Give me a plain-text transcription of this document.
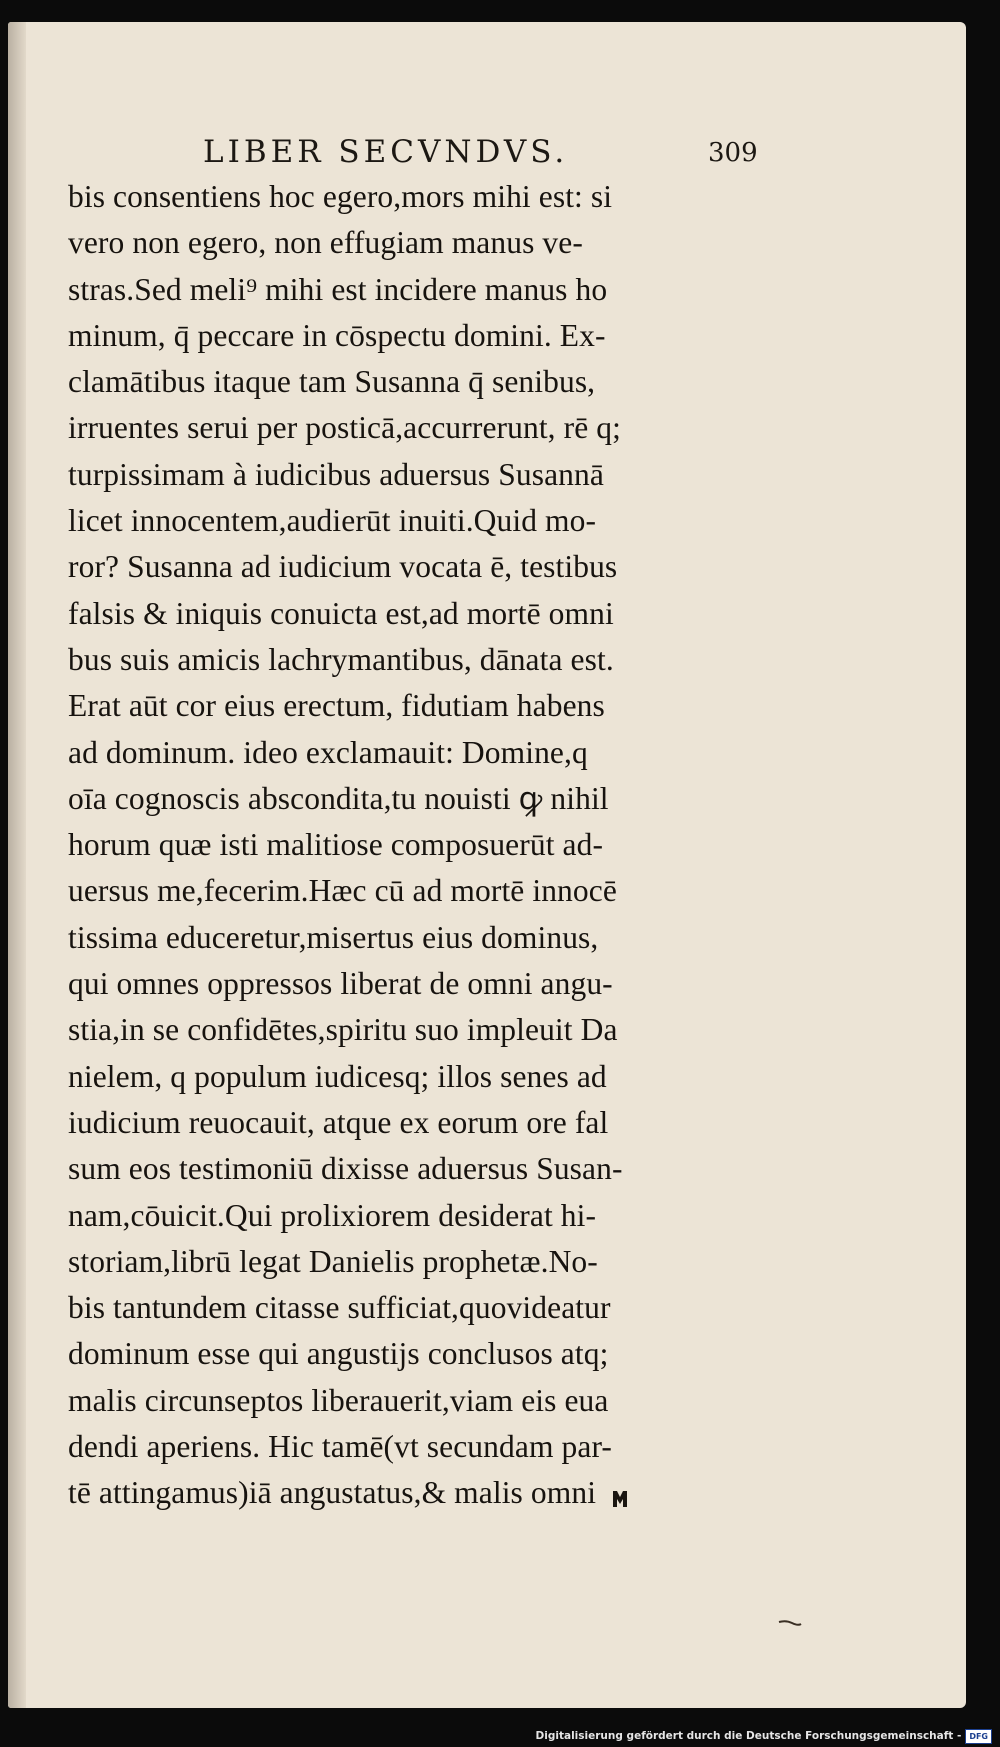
LIBER SECVNDVS.	309
bis consentiens hoc egero,mors mihi est: si
vero non egero, non effugiam manus ve-
stras.Sed meli⁹ mihi est incidere manus ho
minum, q̄ peccare in cōspectu domini. Ex-
clamātibus itaque tam Susanna q̄ senibus,
irruentes serui per posticā,accurrerunt, rē q;
turpissimam à iudicibus aduersus Susannā
licet innocentem,audierūt inuiti.Quid mo-
ror? Susanna ad iudicium vocata ē, testibus
falsis & iniquis conuicta est,ad mortē omni
bus suis amicis lachrymantibus, dānata est.
Erat aūt cor eius erectum, fidutiam habens
ad dominum. ideo exclamauit: Domine,q
oīa cognoscis abscondita,tu nouisti ꝙ nihil
horum quæ isti malitiose composuerūt ad-
uersus me,fecerim.Hæc cū ad mortē innocē
tissima educeretur,misertus eius dominus,
qui omnes oppressos liberat de omni angu-
stia,in se confidētes,spiritu suo impleuit Da
nielem, q populum iudicesq; illos senes ad
iudicium reuocauit, atque ex eorum ore fal
sum eos testimoniū dixisse aduersus Susan-
nam,cōuicit.Qui prolixiorem desiderat hi-
storiam,librū legat Danielis prophetæ.No-
bis tantundem citasse sufficiat,quovideatur
dominum esse qui angustijs conclusos atq;
malis circunseptos liberauerit,viam eis eua
dendi aperiens. Hic tamē(vt secundam par-
tē attingamus)iā angustatus,& malis omni
Digitalisierung gefördert durch die Deutsche Forschungsgemeinschaft -	DFG
